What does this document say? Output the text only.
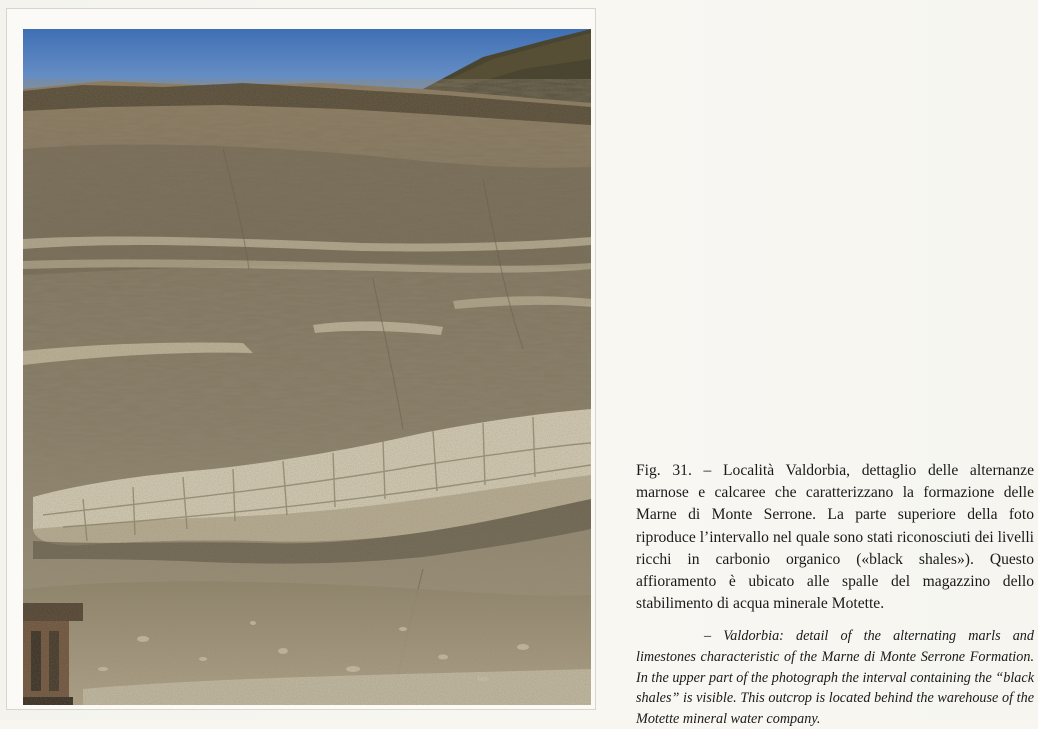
Fig. 31. – Località Valdorbia, dettaglio delle alternanze marnose e calcaree che caratterizzano la formazione delle Marne di Monte Serrone. La parte superiore della foto riproduce l’intervallo nel quale sono stati riconosciuti dei livelli ricchi in carbonio organico («black shales»). Questo affioramento è ubicato alle spalle del magazzino dello stabilimento di acqua minerale Motette.

– Valdorbia: detail of the alternating marls and limestones characteristic of the Marne di Monte Serrone Formation. In the upper part of the photograph the interval containing the “black shales” is visible. This outcrop is located behind the warehouse of the Motette mineral water company.
